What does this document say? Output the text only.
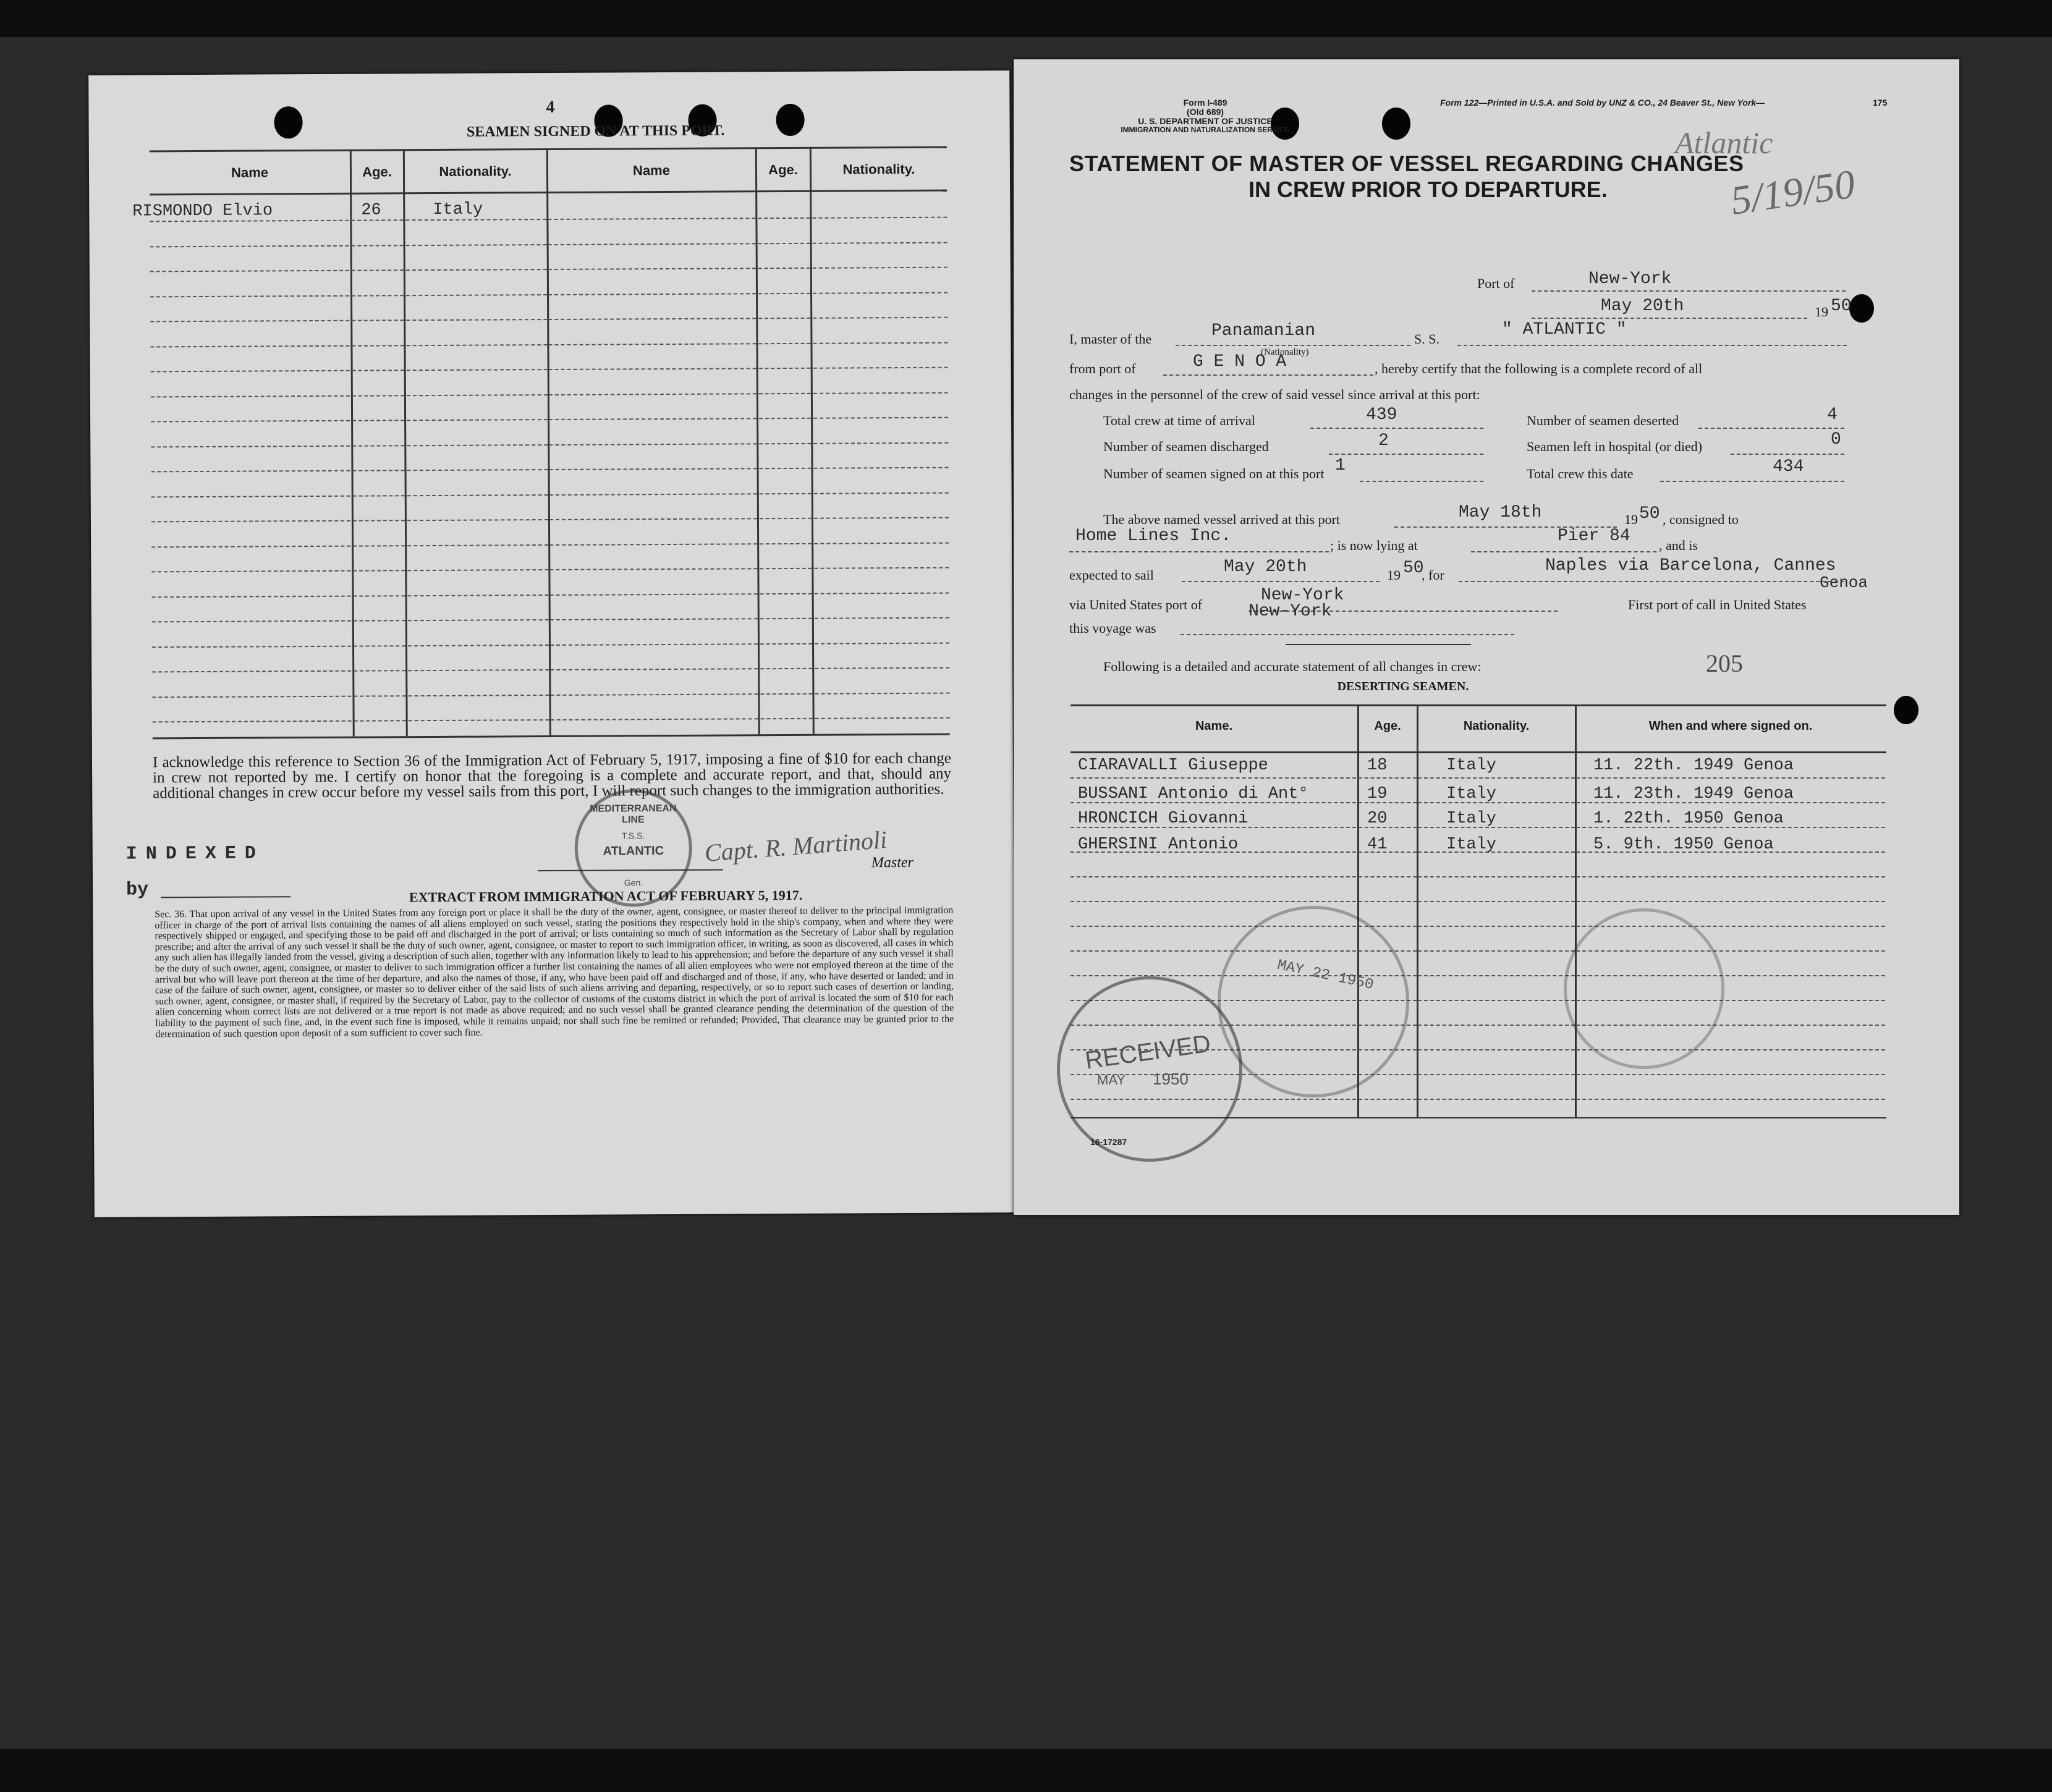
4
SEAMEN SIGNED ON AT THIS PORT.
Name	Age.	Nationality.	Name	Age.	Nationality.
RISMONDO Elvio	26	Italy
I acknowledge this reference to Section 36 of the Immigration Act of February 5, 1917, imposing a fine of $10 for each change in crew not reported by me. I certify on honor that the foregoing is a complete and accurate report, and that, should any additional changes in crew occur before my vessel sails from this port, I will report such changes to the immigration authorities.
INDEXED
by
Capt. R. Martinoli
Master
MEDITERRANEAN LINE
T.S.S.
ATLANTIC
Gen.
EXTRACT FROM IMMIGRATION ACT OF FEBRUARY 5, 1917.
Sec. 36. That upon arrival of any vessel in the United States from any foreign port or place it shall be the duty of the owner, agent, consignee, or master thereof to deliver to the principal immigration officer in charge of the port of arrival lists containing the names of all aliens employed on such vessel, stating the positions they respectively hold in the ship's company, when and where they were respectively shipped or engaged, and specifying those to be paid off and discharged in the port of arrival; or lists containing so much of such information as the Secretary of Labor shall by regulation prescribe; and after the arrival of any such vessel it shall be the duty of such owner, agent, consignee, or master to report to such immigration officer, in writing, as soon as discovered, all cases in which any such alien has illegally landed from the vessel, giving a description of such alien, together with any information likely to lead to his apprehension; and before the departure of any such vessel it shall be the duty of such owner, agent, consignee, or master to deliver to such immigration officer a further list containing the names of all alien employees who were not employed thereon at the time of the arrival but who will leave port thereon at the time of her departure, and also the names of those, if any, who have been paid off and discharged and of those, if any, who have deserted or landed; and in case of the failure of such owner, agent, consignee, or master so to deliver either of the said lists of such aliens arriving and departing, respectively, or so to report such cases of desertion or landing, such owner, agent, consignee, or master shall, if required by the Secretary of Labor, pay to the collector of customs of the customs district in which the port of arrival is located the sum of $10 for each alien concerning whom correct lists are not delivered or a true report is not made as above required; and no such vessel shall be granted clearance pending the determination of the question of the liability to the payment of such fine, and, in the event such fine is imposed, while it remains unpaid; nor shall such fine be remitted or refunded; Provided, That clearance may be granted prior to the determination of such question upon deposit of a sum sufficient to cover such fine.
Form I-489
(Old 689)
U. S. DEPARTMENT OF JUSTICE
IMMIGRATION AND NATURALIZATION SERVICE
Form 122—Printed in U.S.A. and Sold by UNZ & CO., 24 Beaver St., New York—	175
Atlantic
5/19/50
STATEMENT OF MASTER OF VESSEL REGARDING CHANGES
IN CREW PRIOR TO DEPARTURE.
Port of	New-York
May 20th	19 50
I, master of the	Panamanian
(Nationality)
S. S.	" ATLANTIC "
from port of	G E N O A	, hereby certify that the following is a complete record of all
changes in the personnel of the crew of said vessel since arrival at this port:
Total crew at time of arrival	439	Number of seamen deserted	4
Number of seamen discharged	2	Seamen left in hospital (or died)	0
Number of seamen signed on at this port 1	Total crew this date	434
The above named vessel arrived at this port	May 18th	19 50 , consigned to
Home Lines Inc.	; is now lying at	Pier 84 , and is
expected to sail	May 20th	19 50
, for	Naples via Barcelona, Cannes
Genoa
via United States port of	New-York	First port of call in United States
New-York
this voyage was
Following is a detailed and accurate statement of all changes in crew:	205
DESERTING SEAMEN.
Name.	Age.	Nationality.	When and where signed on.
CIARAVALLI Giuseppe	18	Italy	11. 22th. 1949 Genoa
BUSSANI Antonio di Ant°	19	Italy	11. 23th. 1949 Genoa
HRONCICH Giovanni	20	Italy	1. 22th. 1950 Genoa
GHERSINI Antonio	41	Italy	5. 9th. 1950 Genoa
RECEIVED
MAY 1950
MAY 22 1950
16-17287
